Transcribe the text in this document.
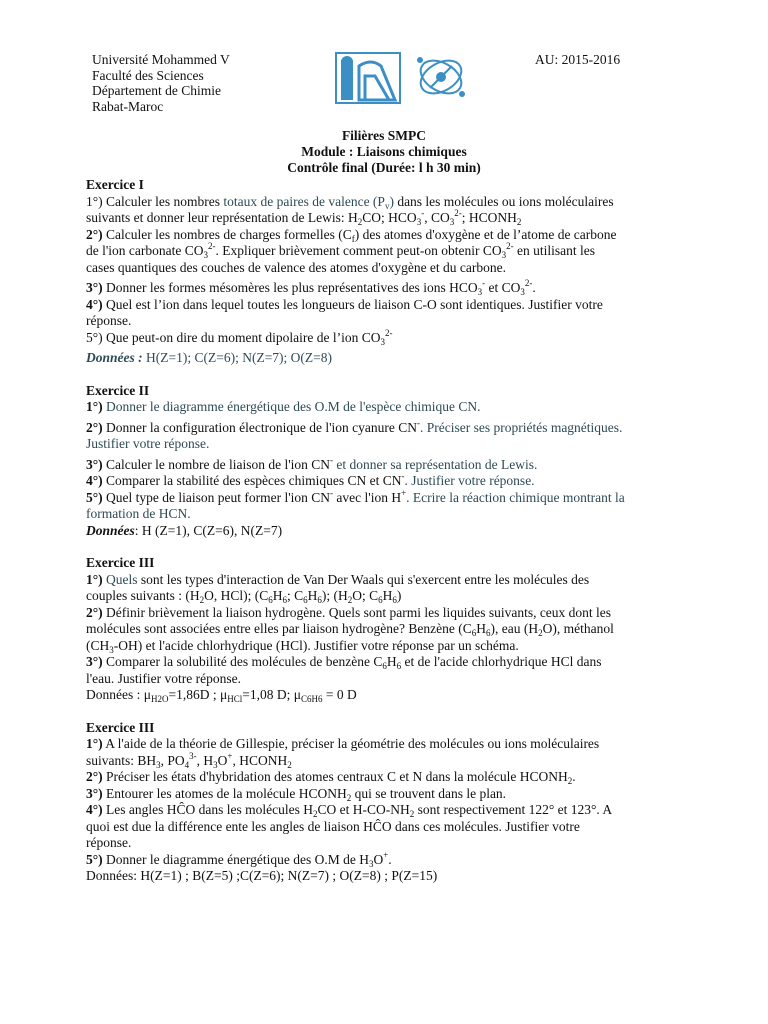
Université Mohammed V
Faculté des Sciences
Département de Chimie
Rabat-Maroc
AU: 2015-2016
Filières SMPC
Module : Liaisons chimiques
Contrôle final (Durée: l h 30 min)

Exercice I

1°) Calculer les nombres totaux de paires de valence $(P_v)$ dans les molécules ou ions moléculaires

suivants et donner leur représentation de Lewis: $H_2CO$; $HCO_3^-$, $CO_3^{2-}$; $HCONH_2$

2°) Calculer les nombres de charges formelles $(C_f)$ des atomes d'oxygène et de l’atome de carbone

de l'ion carbonate $CO_3^{2-}$. Expliquer brièvement comment peut-on obtenir $CO_3^{2-}$ en utilisant les

cases quantiques des couches de valence des atomes d'oxygène et du carbone.

3°) Donner les formes mésomères les plus représentatives des ions $HCO_3^-$ et $CO_3^{2-}$.

4°) Quel est l’ion dans lequel toutes les longueurs de liaison C-O sont identiques. Justifier votre

réponse.

5°) Que peut-on dire du moment dipolaire de l’ion $CO_3^{2-}$

Données : H(Z=1); C(Z=6); N(Z=7); O(Z=8)

Exercice II

1°) Donner le diagramme énergétique des O.M de l'espèce chimique CN.

2°) Donner la configuration électronique de l'ion cyanure CN-. Préciser ses propriétés magnétiques.

Justifier votre réponse.

3°) Calculer le nombre de liaison de l'ion CN- et donner sa représentation de Lewis.

4°) Comparer la stabilité des espèces chimiques CN et CN-. Justifier votre réponse.

5°) Quel type de liaison peut former l'ion CN- avec l'ion H+. Ecrire la réaction chimique montrant la

formation de HCN.

Données: H (Z=1), C(Z=6), N(Z=7)

Exercice III

1°) Quels sont les types d'interaction de Van Der Waals qui s'exercent entre les molécules des

couples suivants : ($H_2O$, HCl); ($C_6H_6$; $C_6H_6$); ($H_2O$; $C_6H_6$)

2°) Définir brièvement la liaison hydrogène. Quels sont parmi les liquides suivants, ceux dont les

molécules sont associées entre elles par liaison hydrogène? Benzène $(C_6H_6)$, eau $(H_2O)$, méthanol

$(CH_3-OH)$ et l'acide chlorhydrique (HCl). Justifier votre réponse par un schéma.

3°) Comparer la solubilité des molécules de benzène $C_6H_6$ et de l'acide chlorhydrique HCl dans

l'eau. Justifier votre réponse.

Données : $\mu_{H2O}=1,86D$ ; $\mu_{HCl}=1,08$ D; $\mu_{C6H6} = 0$ D

Exercice III

1°) A l'aide de la théorie de Gillespie, préciser la géométrie des molécules ou ions moléculaires

suivants: $BH_3$, $PO_4^{3-}$, $H_3O^+$, $HCONH_2$

2°) Préciser les états d'hybridation des atomes centraux C et N dans la molécule $HCONH_2$.

3°) Entourer les atomes de la molécule $HCONH_2$ qui se trouvent dans le plan.

4°) Les angles HĈO dans les molécules $H_2CO$ et $H-CO-NH_2$ sont respectivement 122° et 123°. A

quoi est due la différence ente les angles de liaison HĈO dans ces molécules. Justifier votre

réponse.

5°) Donner le diagramme énergétique des O.M de $H_3O^+$.

Données: H(Z=1) ; B(Z=5) ;C(Z=6); N(Z=7) ; O(Z=8) ; P(Z=15)
